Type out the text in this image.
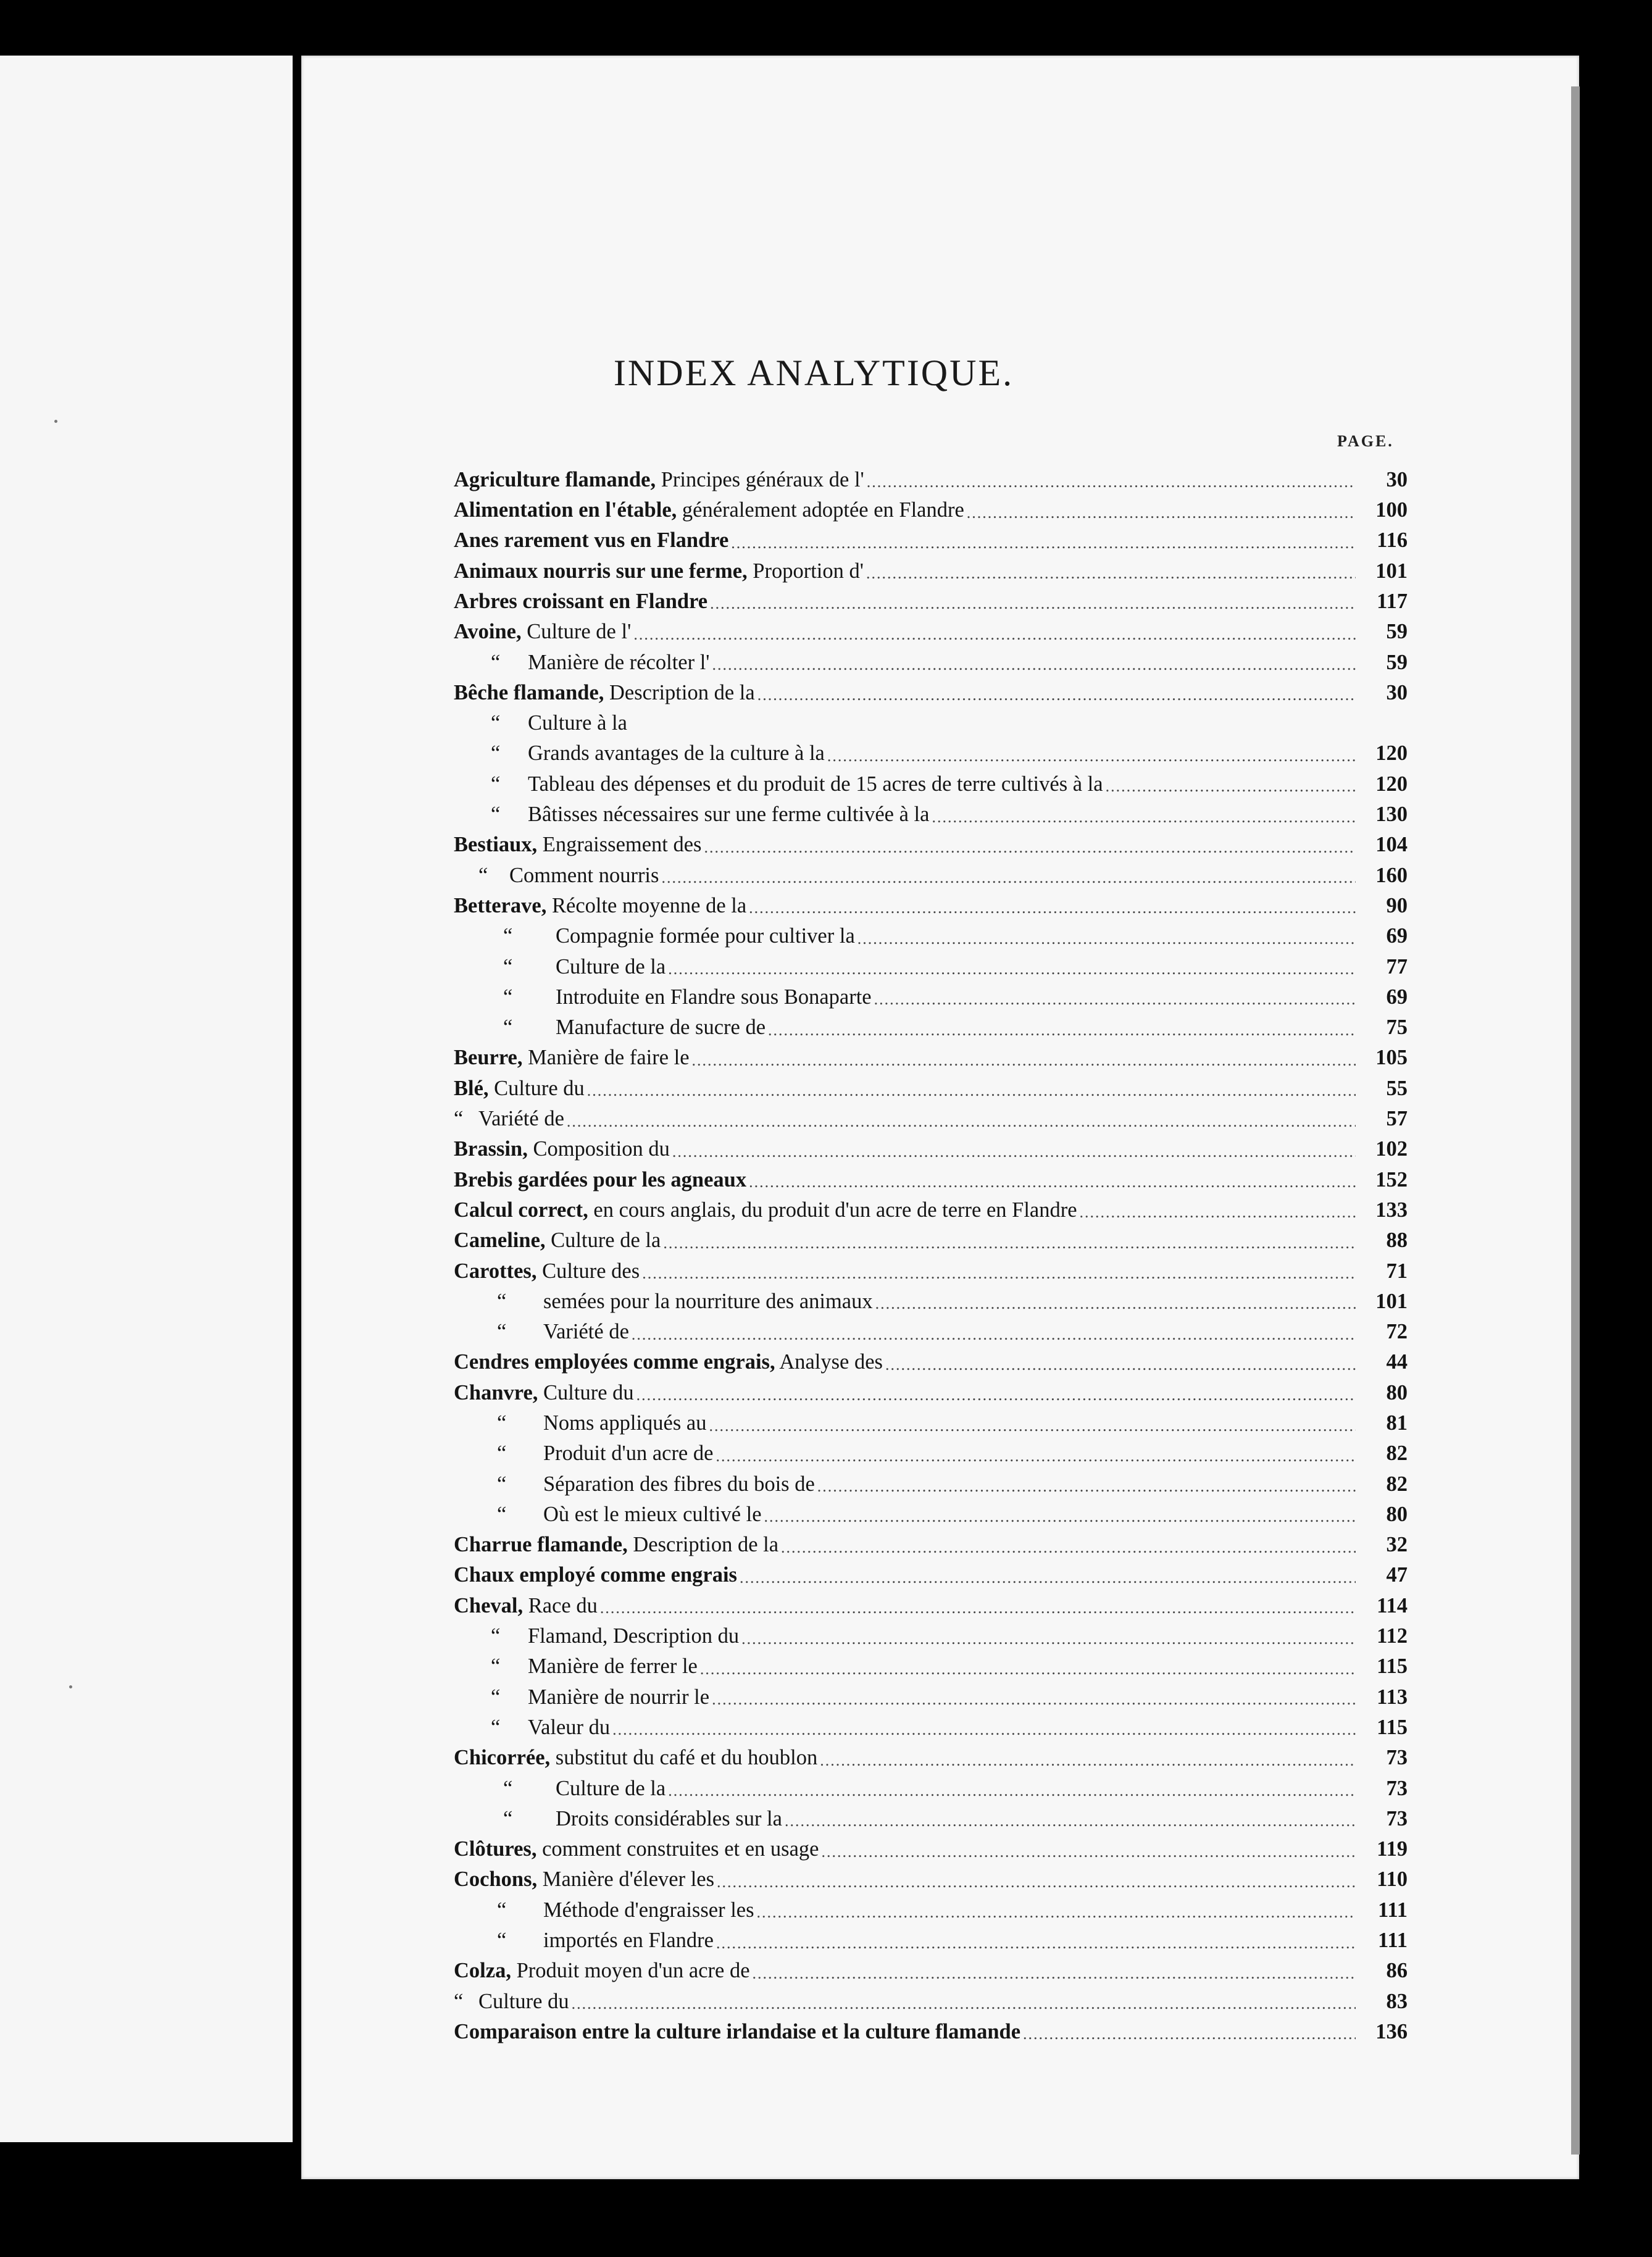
INDEX ANALYTIQUE.
PAGE.
Agriculture flamande, Principes généraux de l' .....	30
Alimentation en l'étable, généralement adoptée en Flandre .....	100
Anes rarement vus en Flandre .....	116
Animaux nourris sur une ferme, Proportion d' .....	101
Arbres croissant en Flandre .....	117
Avoine, Culture de l' .....	59
“ Manière de récolter l' .....	59
Bêche flamande, Description de la .....	30
“ Culture à la
“ Grands avantages de la culture à la .....	120
“ Tableau des dépenses et du produit de 15 acres de terre cultivés à la .....	120
“ Bâtisses nécessaires sur une ferme cultivée à la .....	130
Bestiaux, Engraissement des .....	104
“ Comment nourris .....	160
Betterave, Récolte moyenne de la .....	90
“ Compagnie formée pour cultiver la .....	69
“ Culture de la .....	77
“ Introduite en Flandre sous Bonaparte .....	69
“ Manufacture de sucre de .....	75
Beurre, Manière de faire le .....	105
Blé, Culture du .....	55
“ Variété de .....	57
Brassin, Composition du .....	102
Brebis gardées pour les agneaux .....	152
Calcul correct, en cours anglais, du produit d'un acre de terre en Flandre .....	133
Cameline, Culture de la .....	88
Carottes, Culture des .....	71
“ semées pour la nourriture des animaux .....	101
“ Variété de .....	72
Cendres employées comme engrais, Analyse des .....	44
Chanvre, Culture du .....	80
“ Noms appliqués au .....	81
“ Produit d'un acre de .....	82
“ Séparation des fibres du bois de .....	82
“ Où est le mieux cultivé le .....	80
Charrue flamande, Description de la .....	32
Chaux employé comme engrais .....	47
Cheval, Race du .....	114
“ Flamand, Description du .....	112
“ Manière de ferrer le .....	115
“ Manière de nourrir le .....	113
“ Valeur du .....	115
Chicorrée, substitut du café et du houblon .....	73
“ Culture de la .....	73
“ Droits considérables sur la .....	73
Clôtures, comment construites et en usage .....	119
Cochons, Manière d'élever les .....	110
“ Méthode d'engraisser les .....	111
“ importés en Flandre .....	111
Colza, Produit moyen d'un acre de .....	86
“ Culture du .....	83
Comparaison entre la culture irlandaise et la culture flamande .....	136
